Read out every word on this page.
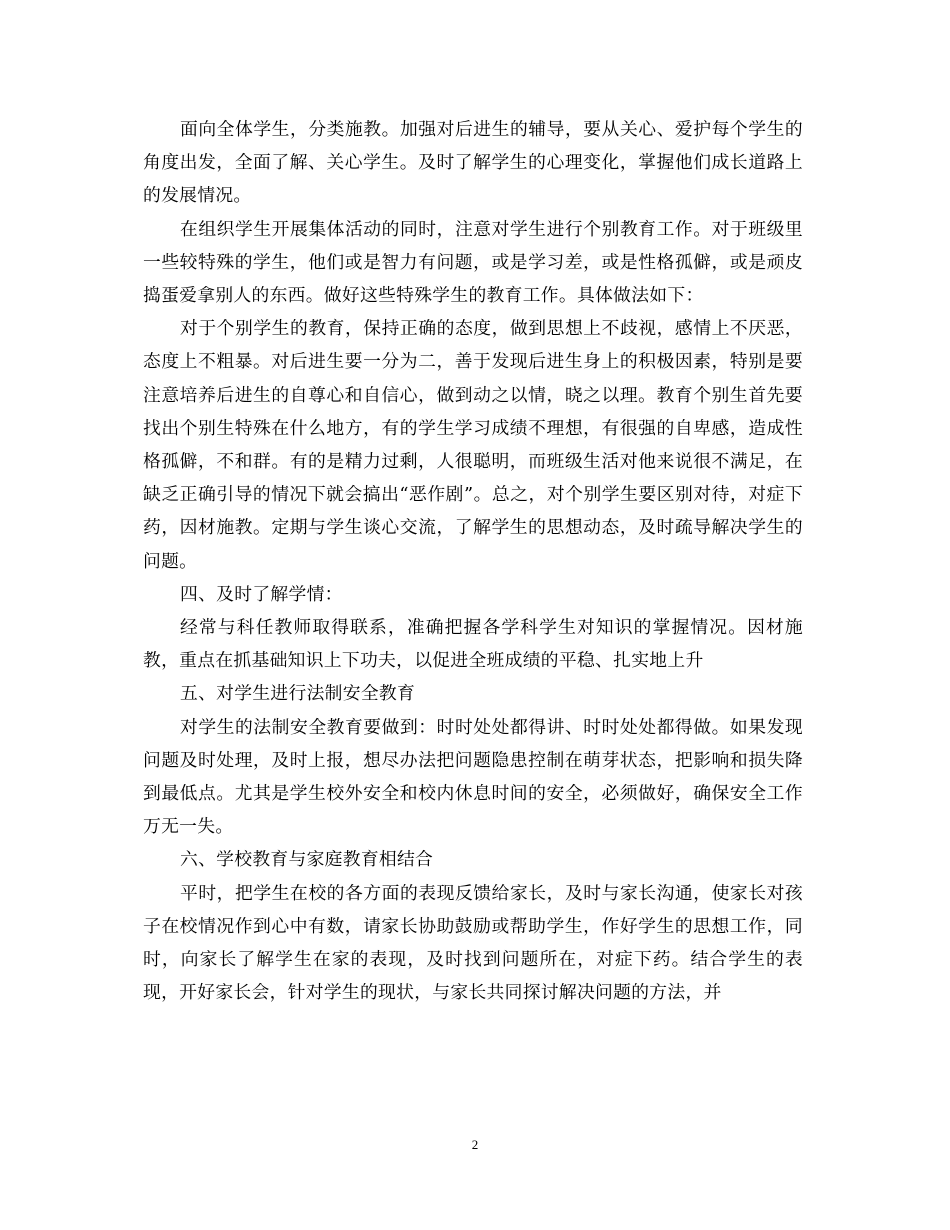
面向全体学生，分类施教。加强对后进生的辅导，要从关心、爱护每个学生的角度出发，全面了解、关心学生。及时了解学生的心理变化，掌握他们成长道路上的发展情况。

在组织学生开展集体活动的同时，注意对学生进行个别教育工作。对于班级里一些较特殊的学生，他们或是智力有问题，或是学习差，或是性格孤僻，或是顽皮捣蛋爱拿别人的东西。做好这些特殊学生的教育工作。具体做法如下：

对于个别学生的教育，保持正确的态度，做到思想上不歧视，感情上不厌恶，态度上不粗暴。对后进生要一分为二，善于发现后进生身上的积极因素，特别是要注意培养后进生的自尊心和自信心，做到动之以情，晓之以理。教育个别生首先要找出个别生特殊在什么地方，有的学生学习成绩不理想，有很强的自卑感，造成性格孤僻，不和群。有的是精力过剩，人很聪明，而班级生活对他来说很不满足，在缺乏正确引导的情况下就会搞出“恶作剧”。总之，对个别学生要区别对待，对症下药，因材施教。定期与学生谈心交流，了解学生的思想动态，及时疏导解决学生的问题。

四、及时了解学情：

经常与科任教师取得联系，准确把握各学科学生对知识的掌握情况。因材施教，重点在抓基础知识上下功夫，以促进全班成绩的平稳、扎实地上升

五、对学生进行法制安全教育

对学生的法制安全教育要做到：时时处处都得讲、时时处处都得做。如果发现问题及时处理，及时上报，想尽办法把问题隐患控制在萌芽状态，把影响和损失降到最低点。尤其是学生校外安全和校内休息时间的安全，必须做好，确保安全工作万无一失。

六、学校教育与家庭教育相结合

平时，把学生在校的各方面的表现反馈给家长，及时与家长沟通，使家长对孩子在校情况作到心中有数，请家长协助鼓励或帮助学生，作好学生的思想工作，同时，向家长了解学生在家的表现，及时找到问题所在，对症下药。结合学生的表现，开好家长会，针对学生的现状，与家长共同探讨解决问题的方法，并

2
